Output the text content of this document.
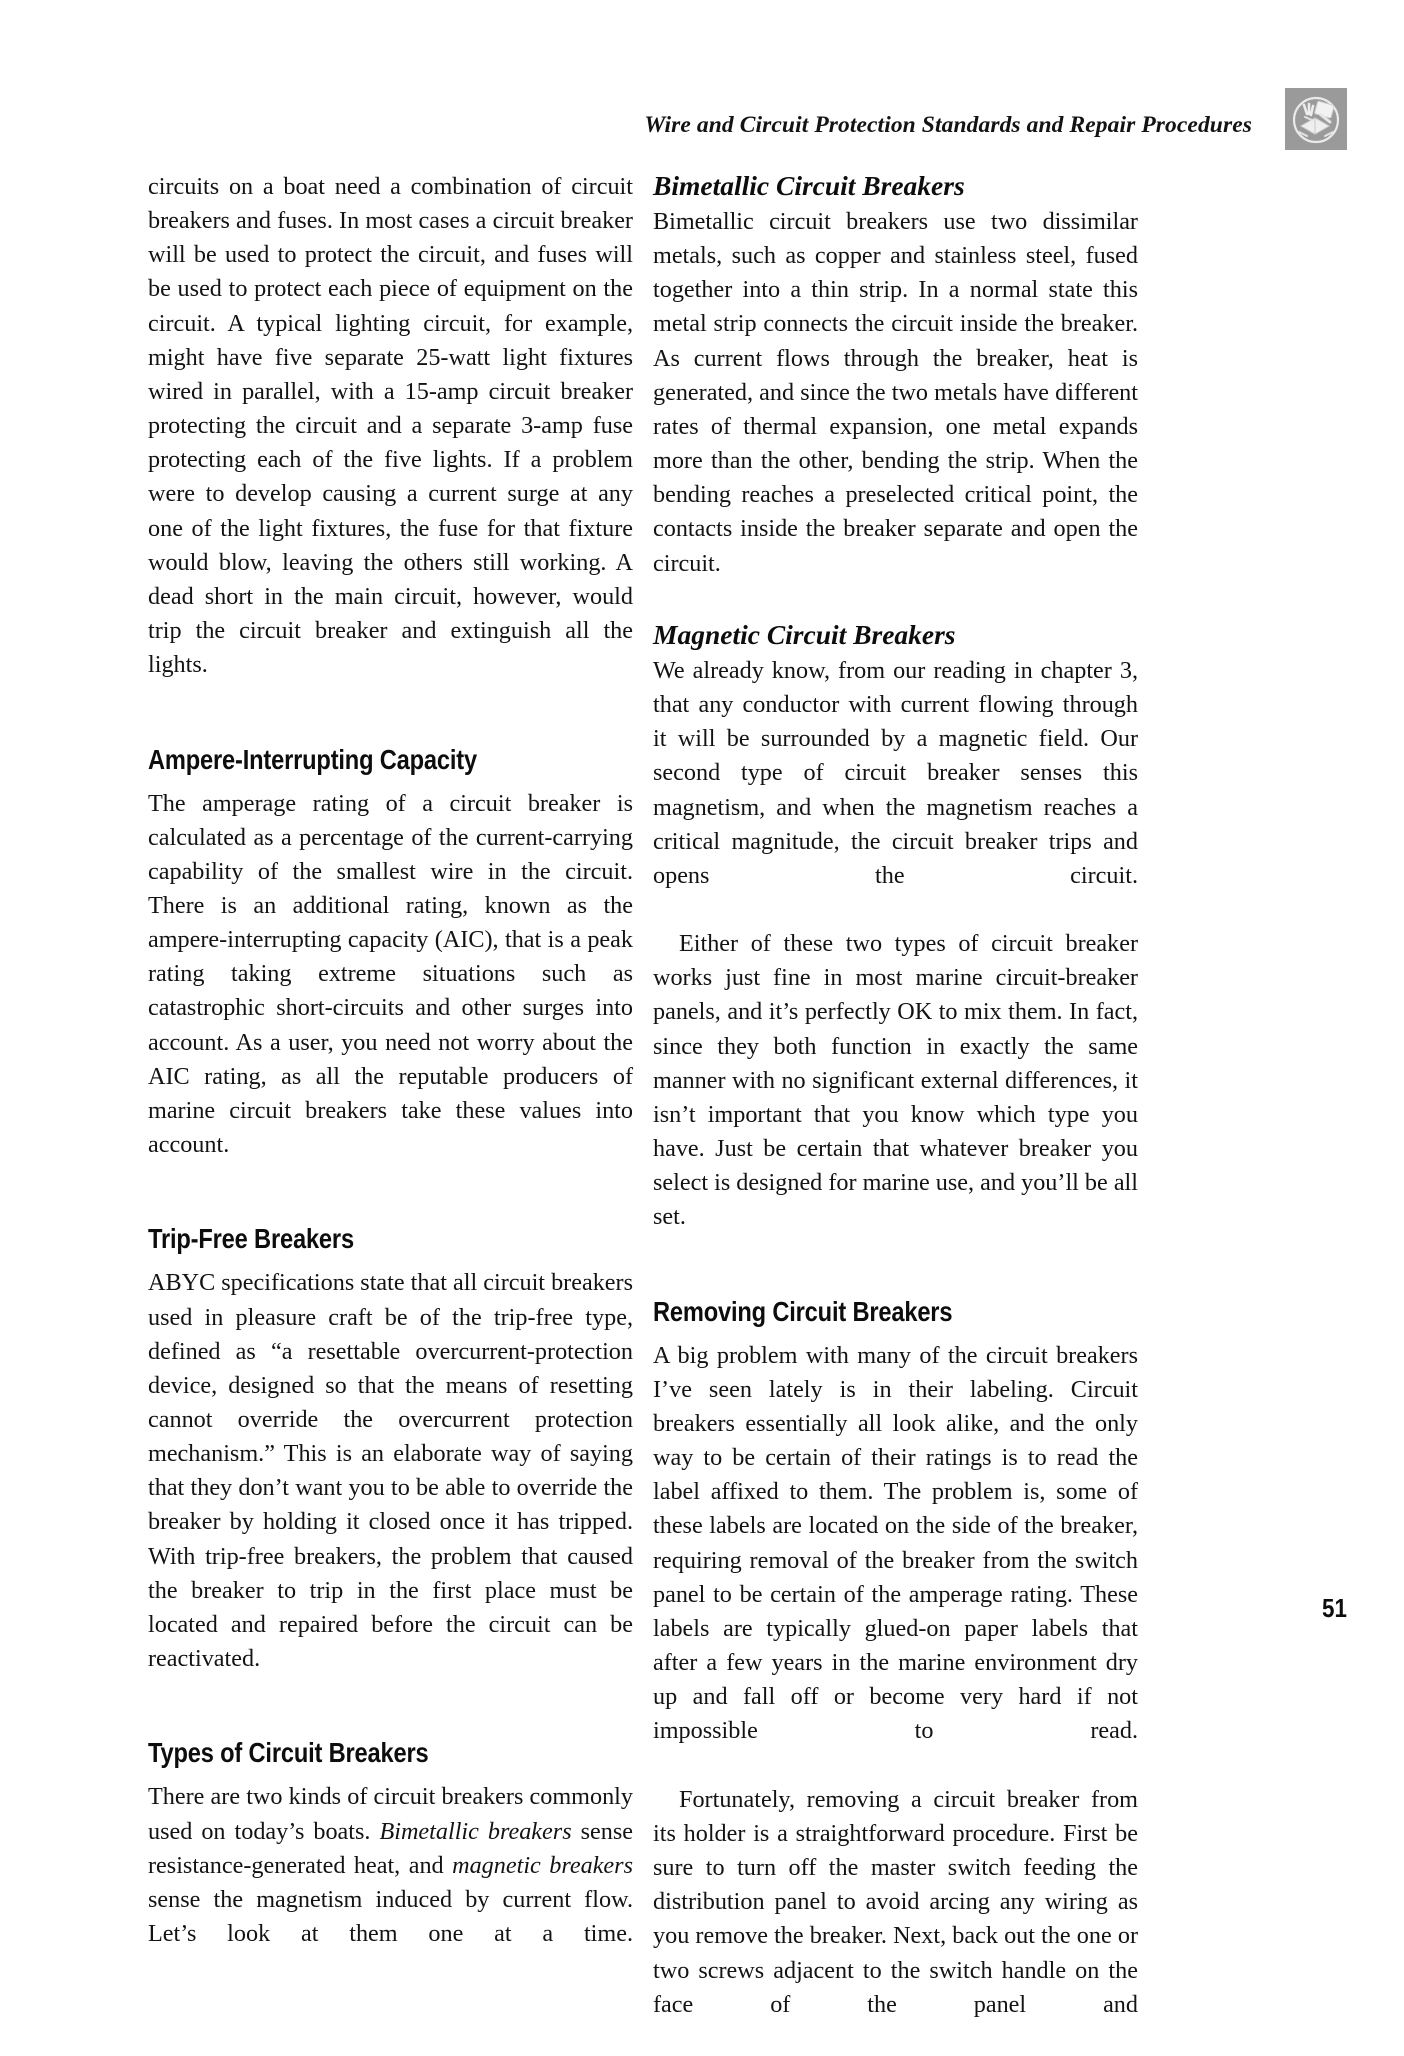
Wire and Circuit Protection Standards and Repair Procedures

circuits on a boat need a combination of circuit breakers and fuses. In most cases a circuit breaker will be used to protect the circuit, and fuses will be used to protect each piece of equipment on the circuit. A typical lighting circuit, for example, might have five separate 25-watt light fixtures wired in parallel, with a 15-amp circuit breaker protecting the circuit and a separate 3-amp fuse protecting each of the five lights. If a problem were to develop causing a current surge at any one of the light fixtures, the fuse for that fixture would blow, leaving the others still working. A dead short in the main circuit, however, would trip the circuit breaker and extinguish all the lights.

Ampere-Interrupting Capacity

The amperage rating of a circuit breaker is calculated as a percentage of the current-carrying capability of the smallest wire in the circuit. There is an additional rating, known as the ampere-interrupting capacity (AIC), that is a peak rating taking extreme situations such as catastrophic short-circuits and other surges into account. As a user, you need not worry about the AIC rating, as all the reputable producers of marine circuit breakers take these values into account.

Trip-Free Breakers

ABYC specifications state that all circuit breakers used in pleasure craft be of the trip-free type, defined as “a resettable overcurrent-protection device, designed so that the means of resetting cannot override the overcurrent protection mechanism.” This is an elaborate way of saying that they don’t want you to be able to override the breaker by holding it closed once it has tripped. With trip-free breakers, the problem that caused the breaker to trip in the first place must be located and repaired before the circuit can be reactivated.

Types of Circuit Breakers

There are two kinds of circuit breakers commonly used on today’s boats. Bimetallic breakers sense resistance-generated heat, and magnetic breakers sense the magnetism induced by current flow. Let’s look at them one at a time.

Bimetallic Circuit Breakers

Bimetallic circuit breakers use two dissimilar metals, such as copper and stainless steel, fused together into a thin strip. In a normal state this metal strip connects the circuit inside the breaker. As current flows through the breaker, heat is generated, and since the two metals have different rates of thermal expansion, one metal expands more than the other, bending the strip. When the bending reaches a preselected critical point, the contacts inside the breaker separate and open the circuit.

Magnetic Circuit Breakers

We already know, from our reading in chapter 3, that any conductor with current flowing through it will be surrounded by a magnetic field. Our second type of circuit breaker senses this magnetism, and when the magnetism reaches a critical magnitude, the circuit breaker trips and opens the circuit.

Either of these two types of circuit breaker works just fine in most marine circuit-breaker panels, and it’s perfectly OK to mix them. In fact, since they both function in exactly the same manner with no significant external differences, it isn’t important that you know which type you have. Just be certain that whatever breaker you select is designed for marine use, and you’ll be all set.

Removing Circuit Breakers

A big problem with many of the circuit breakers I’ve seen lately is in their labeling. Circuit breakers essentially all look alike, and the only way to be certain of their ratings is to read the label affixed to them. The problem is, some of these labels are located on the side of the breaker, requiring removal of the breaker from the switch panel to be certain of the amperage rating. These labels are typically glued-on paper labels that after a few years in the marine environment dry up and fall off or become very hard if not impossible to read.

Fortunately, removing a circuit breaker from its holder is a straightforward procedure. First be sure to turn off the master switch feeding the distribution panel to avoid arcing any wiring as you remove the breaker. Next, back out the one or two screws adjacent to the switch handle on the face of the panel and

51
